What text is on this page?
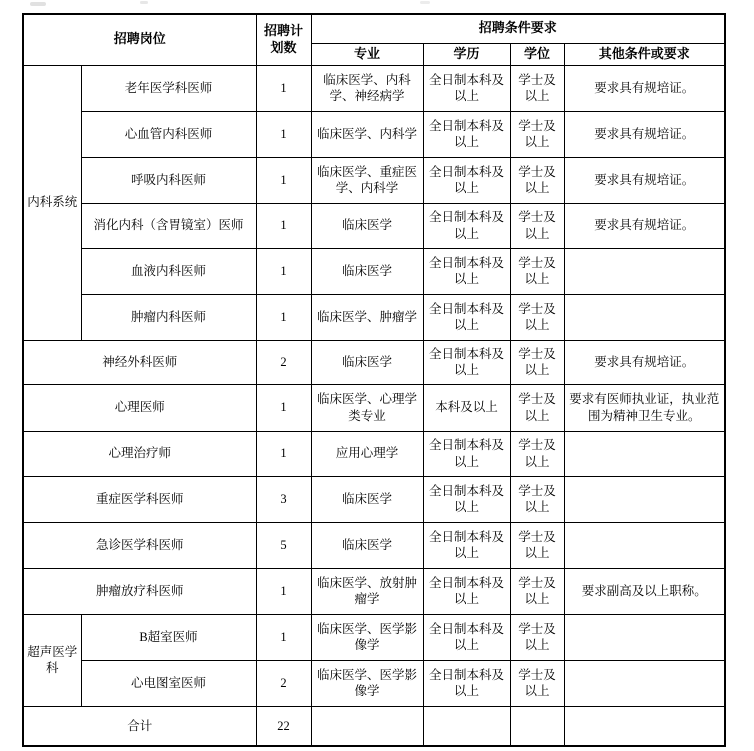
招聘岗位		招聘计划数	招聘条件要求			
			专业	学历	学位	其他条件或要求
内科系统	老年医学科医师	1	临床医学、内科学、神经病学	全日制本科及以上	学士及以上	要求具有规培证。
	心血管内科医师	1	临床医学、内科学	全日制本科及以上	学士及以上	要求具有规培证。
	呼吸内科医师	1	临床医学、重症医学、内科学	全日制本科及以上	学士及以上	要求具有规培证。
	消化内科（含胃镜室）医师	1	临床医学	全日制本科及以上	学士及以上	要求具有规培证。
	血液内科医师	1	临床医学	全日制本科及以上	学士及以上	
	肿瘤内科医师	1	临床医学、肿瘤学	全日制本科及以上	学士及以上	
神经外科医师		2	临床医学	全日制本科及以上	学士及以上	要求具有规培证。
心理医师		1	临床医学、心理学类专业	本科及以上	学士及以上	要求有医师执业证，执业范围为精神卫生专业。
心理治疗师		1	应用心理学	全日制本科及以上	学士及以上	
重症医学科医师		3	临床医学	全日制本科及以上	学士及以上	
急诊医学科医师		5	临床医学	全日制本科及以上	学士及以上	
肿瘤放疗科医师		1	临床医学、放射肿瘤学	全日制本科及以上	学士及以上	要求副高及以上职称。
超声医学科	B超室医师	1	临床医学、医学影像学	全日制本科及以上	学士及以上	
	心电图室医师	2	临床医学、医学影像学	全日制本科及以上	学士及以上	
合计		22				
